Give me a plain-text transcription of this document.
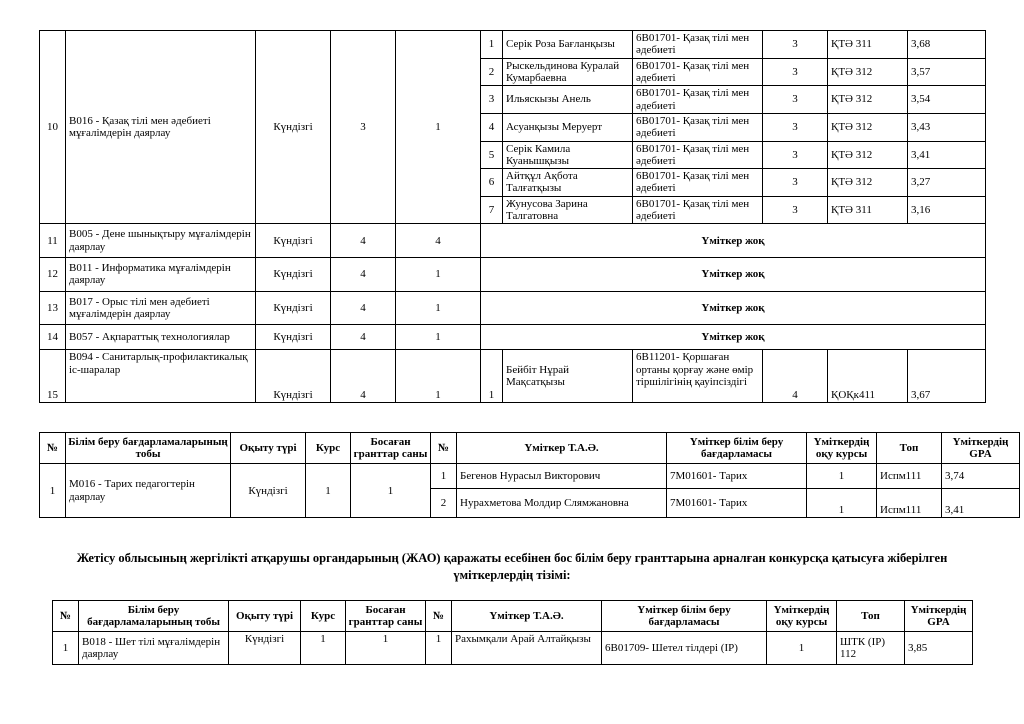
10	B016 - Қазақ тілі мен әдебиеті мұғалімдерін даярлау	Күндізгі	3	1	1	Серік Роза Бағланқызы	6B01701- Қазақ тілі мен әдебиеті	3	ҚТӘ 311	3,68
					2	Рыскельдинова Куралай Кумарбаевна	6B01701- Қазақ тілі мен әдебиеті	3	ҚТӘ 312	3,57
					3	Ильяскызы Анель	6B01701- Қазақ тілі мен әдебиеті	3	ҚТӘ 312	3,54
					4	Асуанқызы Меруерт	6B01701- Қазақ тілі мен әдебиеті	3	ҚТӘ 312	3,43
					5	Серік Камила Куанышқызы	6B01701- Қазақ тілі мен әдебиеті	3	ҚТӘ 312	3,41
					6	Айтқұл Ақбота Талғатқызы	6B01701- Қазақ тілі мен әдебиеті	3	ҚТӘ 312	3,27
					7	Жунусова Зарина Талгатовна	6B01701- Қазақ тілі мен әдебиеті	3	ҚТӘ 311	3,16
11	B005 - Дене шынықтыру мұғалімдерін даярлау	Күндізгі	4	4	Үміткер жоқ					
12	B011 - Информатика мұғалімдерін даярлау	Күндізгі	4	1	Үміткер жоқ					
13	B017 - Орыс тілі мен әдебиеті мұғалімдерін даярлау	Күндізгі	4	1	Үміткер жоқ					
14	B057 - Ақпараттық технологиялар	Күндізгі	4	1	Үміткер жоқ					
15	B094 - Санитарлық-профилактикалық іс-шаралар	Күндізгі	4	1	1	Бейбіт Нұрай Мақсатқызы	6B11201- Қоршаған ортаны қорғау және өмір тіршілігінің қауіпсіздігі	4	ҚОҚк411	3,67
№	Білім беру бағдарламаларының тобы	Оқыту түрі	Курс	Босаған гранттар саны	№	Үміткер Т.А.Ә.	Үміткер білім беру бағдарламасы	Үміткердің оқу курсы	Топ	Үміткердің GPA
1	М016 - Тарих педагогтерін даярлау	Күндізгі	1	1	1	Бегенов Нурасыл Викторович	7M01601- Тарих	1	Испм111	3,74
					2	Нурахметова Молдир Слямжановна	7M01601- Тарих	1	Испм111	3,41
Жетісу облысының жергілікті атқарушы органдарының (ЖАО) қаражаты есебінен бос білім беру гранттарына арналған конкурсқа қатысуға жіберілген үміткерлердің тізімі:
№	Білім беру бағдарламаларының тобы	Оқыту түрі	Курс	Босаған гранттар саны	№	Үміткер Т.А.Ә.	Үміткер білім беру бағдарламасы	Үміткердің оқу курсы	Топ	Үміткердің GPA
1	B018 - Шет тілі мұғалімдерін даярлау	Күндізгі	1	1	1	Рахымқали Арай Алтайқызы	6B01709- Шетел тілдері (IP)	1	ШТК (IP) 112	3,85
